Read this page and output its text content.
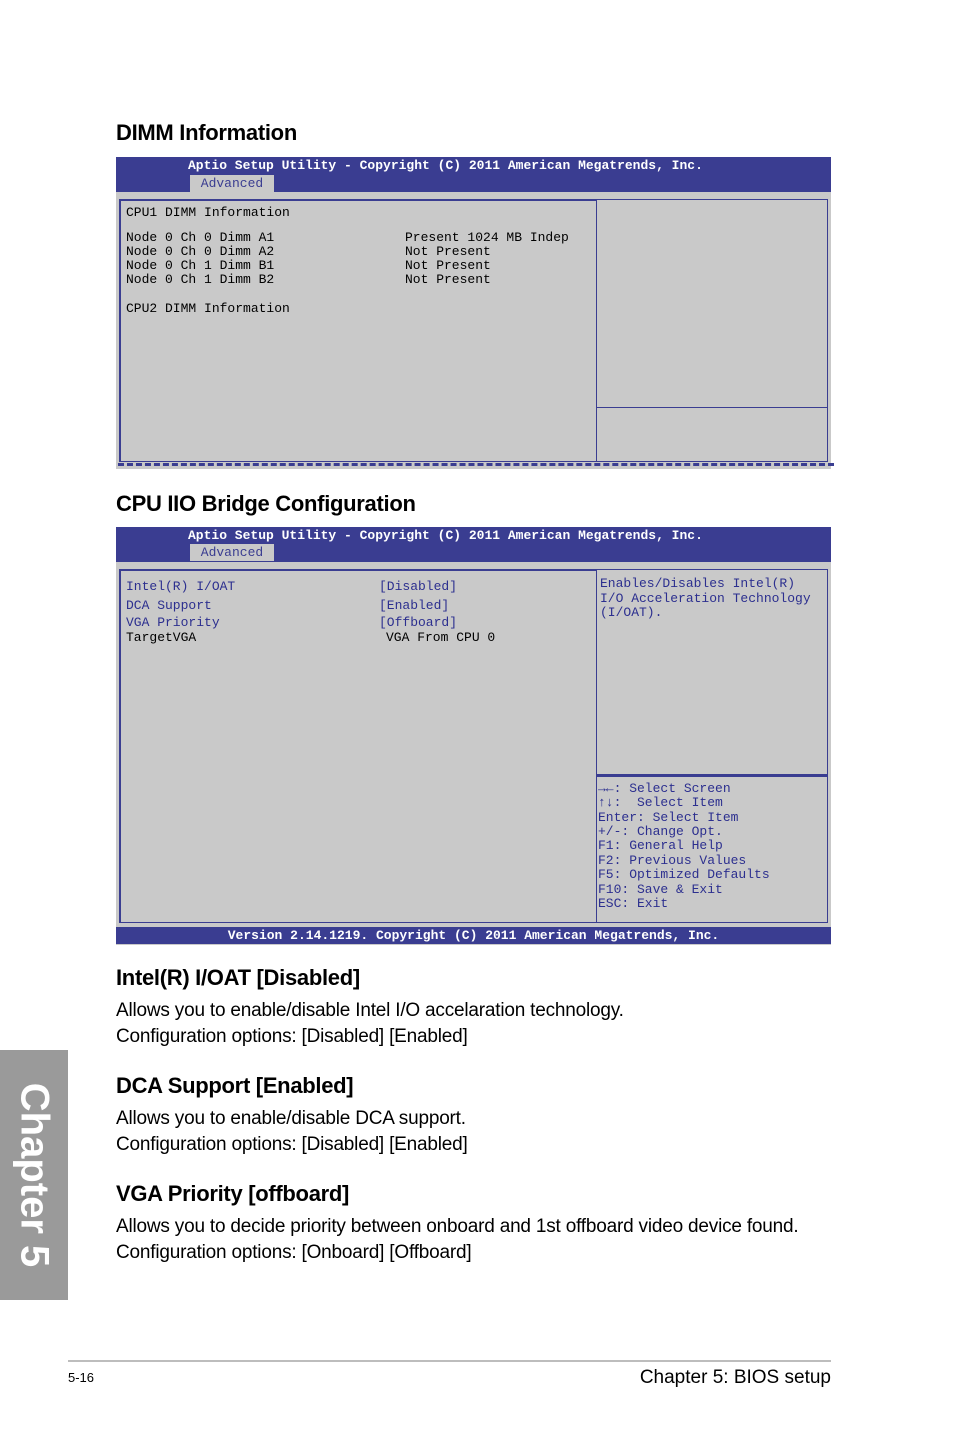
Chapter 5
DIMM Information
Aptio Setup Utility - Copyright (C) 2011 American Megatrends, Inc.
Advanced
CPU1 DIMM Information
Node 0 Ch 0 Dimm A1	Present 1024 MB Indep
Node 0 Ch 0 Dimm A2	Not Present
Node 0 Ch 1 Dimm B1	Not Present
Node 0 Ch 1 Dimm B2	Not Present
CPU2 DIMM Information
CPU IIO Bridge Configuration
Aptio Setup Utility - Copyright (C) 2011 American Megatrends, Inc.
Advanced
Intel(R) I/OAT	[Disabled]
DCA Support	[Enabled]
VGA Priority	[Offboard]
TargetVGA	VGA From CPU 0
Enables/Disables Intel(R)
I/O Acceleration Technology
(I/OAT).
→←: Select Screen
↑↓:  Select Item
Enter: Select Item
+/-: Change Opt.
F1: General Help
F2: Previous Values
F5: Optimized Defaults
F10: Save & Exit
ESC: Exit
Version 2.14.1219. Copyright (C) 2011 American Megatrends, Inc.
Intel(R) I/OAT [Disabled]
Allows you to enable/disable Intel I/O accelaration technology.
Configuration options: [Disabled] [Enabled]
DCA Support [Enabled]
Allows you to enable/disable DCA support.
Configuration options: [Disabled] [Enabled]
VGA Priority [offboard]
Allows you to decide priority between onboard and 1st offboard video device found.
Configuration options: [Onboard] [Offboard]
5-16	Chapter 5: BIOS setup
